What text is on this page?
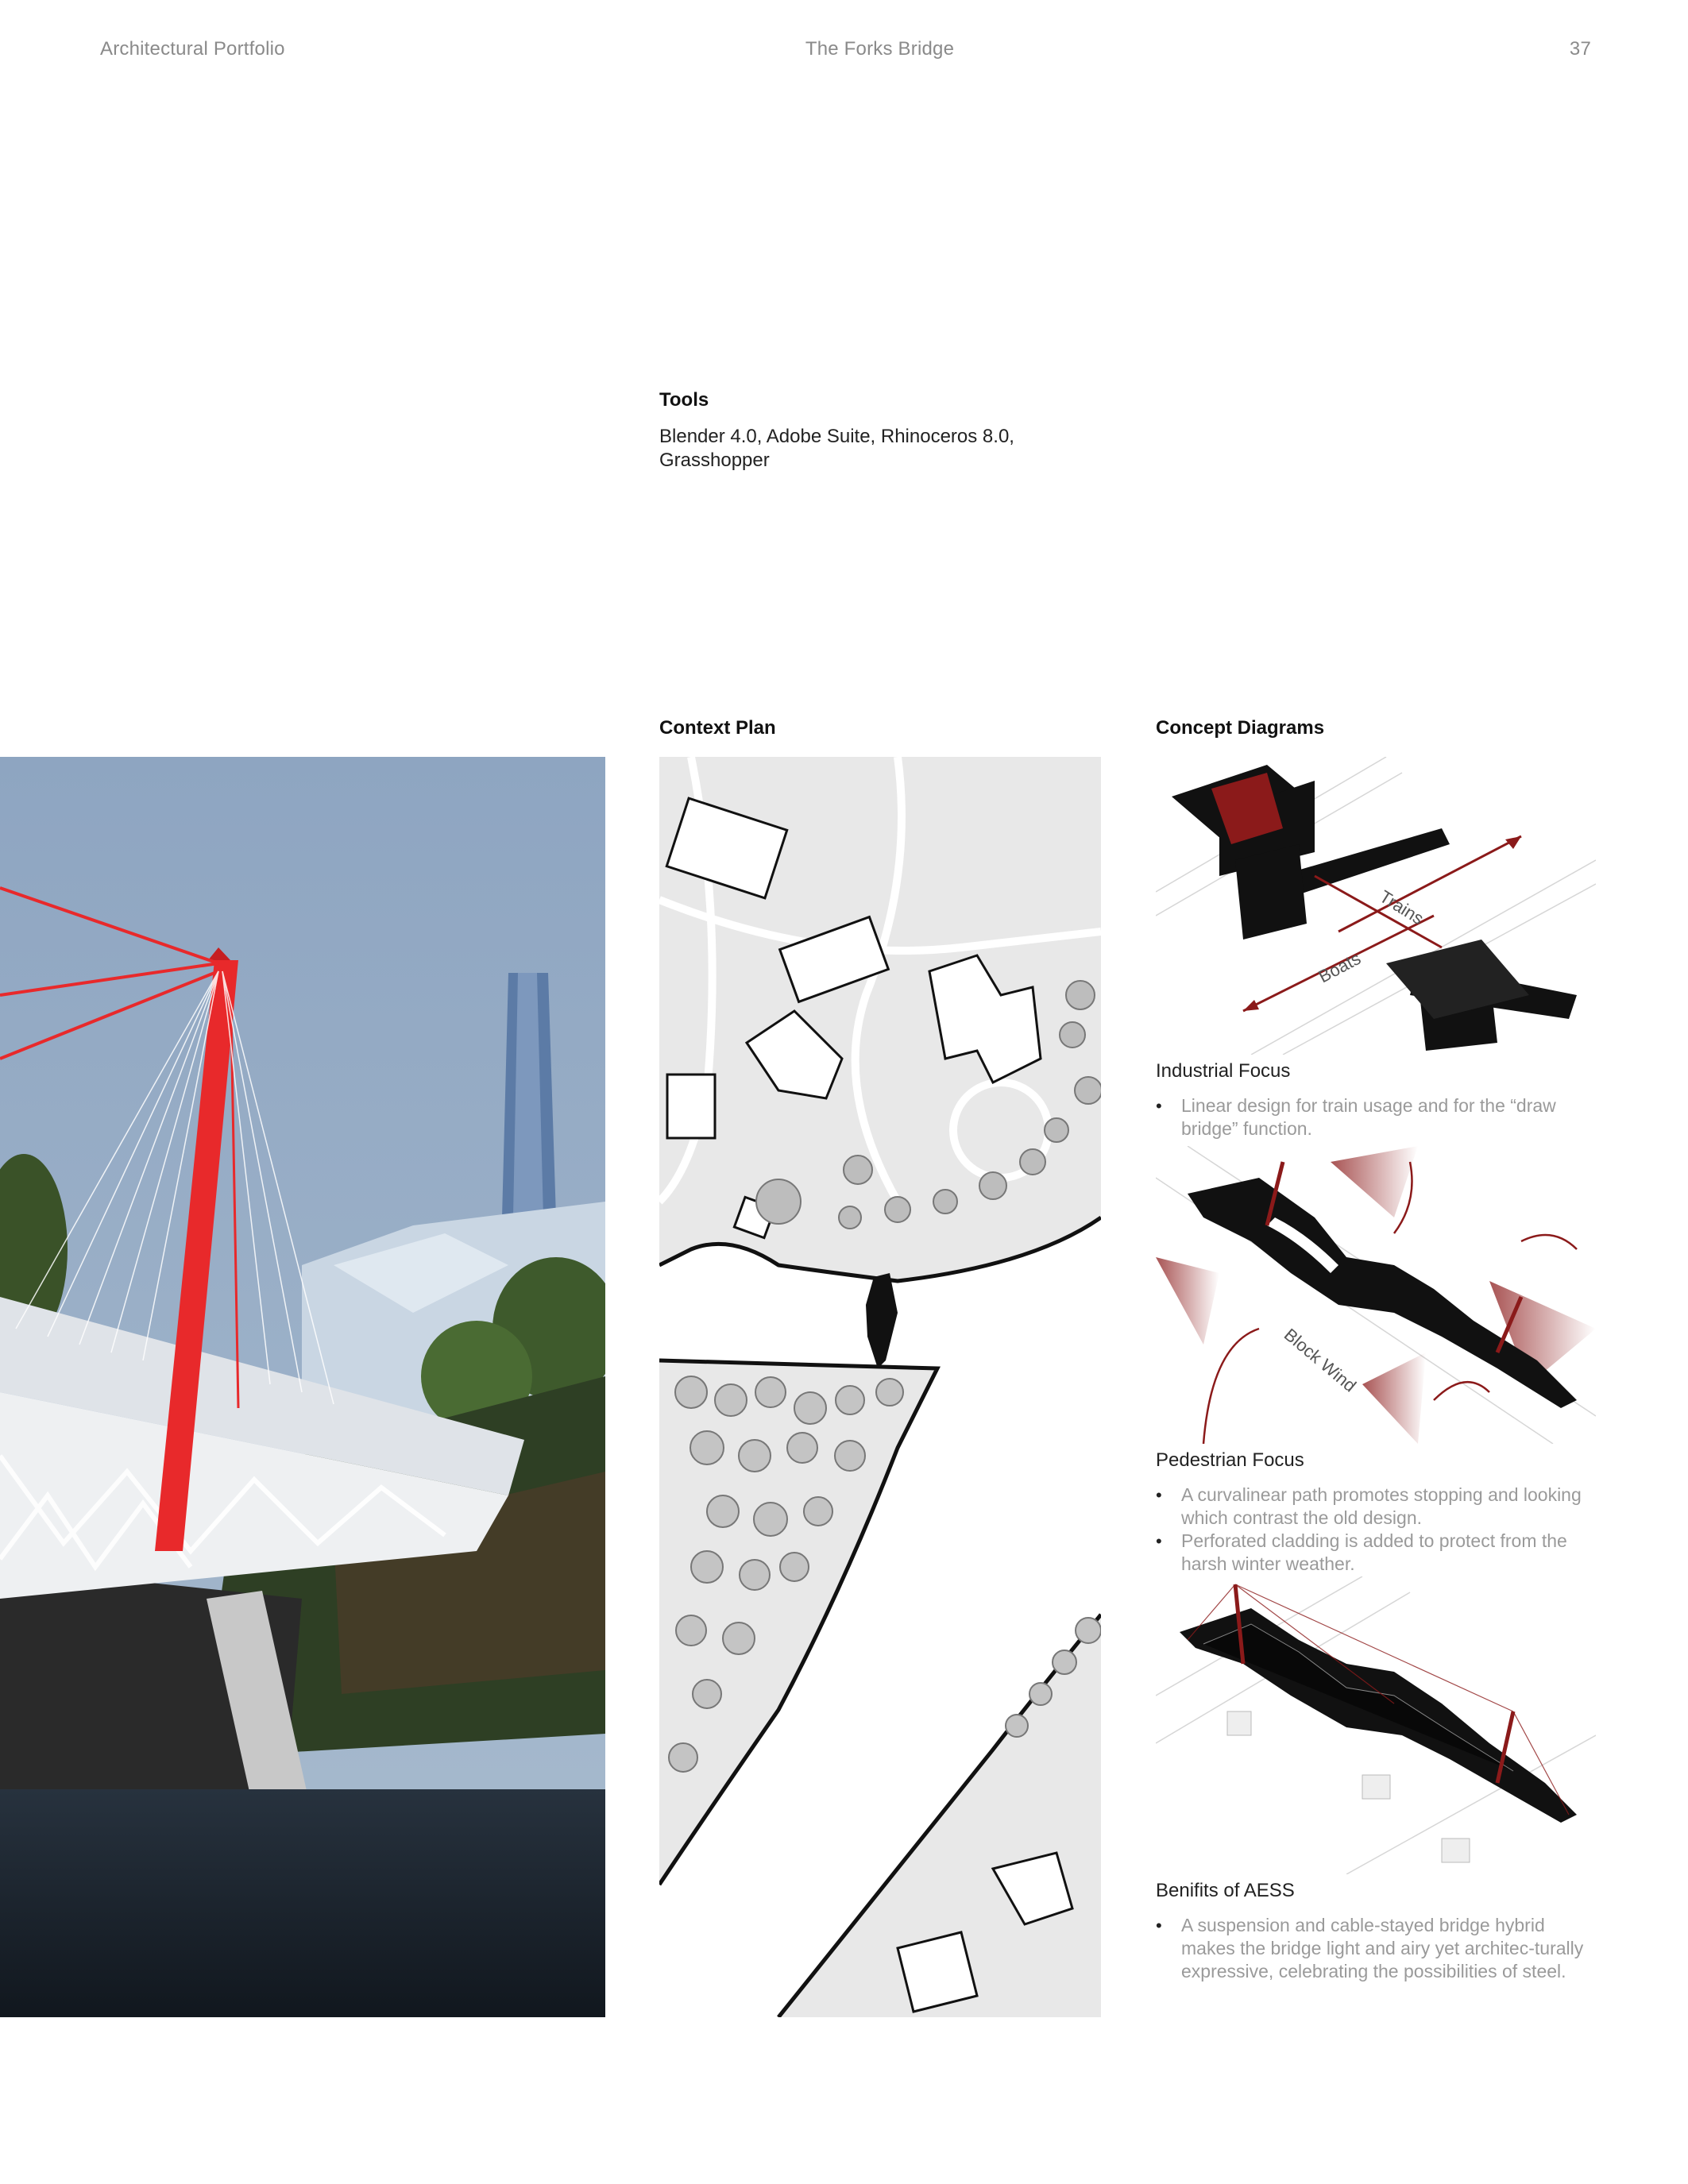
Architectural Portfolio	The Forks Bridge	37
Tools
Blender 4.0, Adobe Suite, Rhinoceros 8.0, Grasshopper
Context Plan	Concept Diagrams
Trains
Boats
Industrial Focus
• Linear design for train usage and for the “draw bridge” function.
Block Wind
Pedestrian Focus
• A curvalinear path promotes stopping and looking which contrast the old design.
• Perforated cladding is added to protect from the harsh winter weather.
Benifits of AESS
• A suspension and cable-stayed bridge hybrid makes the bridge light and airy yet architec-turally expressive, celebrating the possibilities of steel.
